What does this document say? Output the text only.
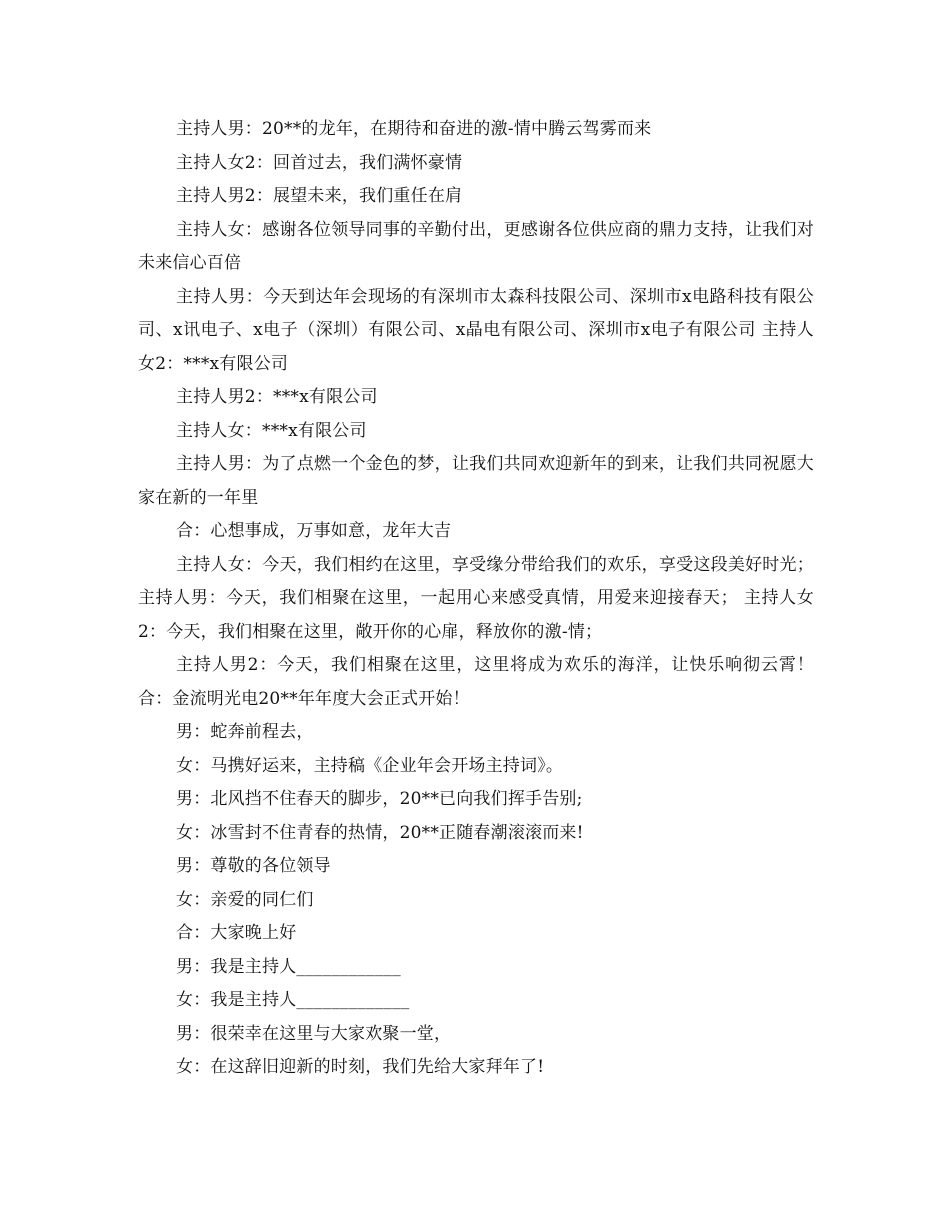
主持人男：20**的龙年，在期待和奋进的激-情中腾云驾雾而来

主持人女2：回首过去，我们满怀豪情

主持人男2：展望未来，我们重任在肩

主持人女：感谢各位领导同事的辛勤付出，更感谢各位供应商的鼎力支持，让我们对未来信心百倍

主持人男：今天到达年会现场的有深圳市太森科技限公司、深圳市x电路科技有限公司、x讯电子、x电子（深圳）有限公司、x晶电有限公司、深圳市x电子有限公司 主持人女2：***x有限公司

主持人男2：***x有限公司

主持人女：***x有限公司

主持人男：为了点燃一个金色的梦，让我们共同欢迎新年的到来，让我们共同祝愿大家在新的一年里

合：心想事成，万事如意，龙年大吉

主持人女：今天，我们相约在这里，享受缘分带给我们的欢乐，享受这段美好时光； 主持人男：今天，我们相聚在这里，一起用心来感受真情，用爱来迎接春天； 主持人女2：今天，我们相聚在这里，敞开你的心扉，释放你的激-情；

主持人男2：今天，我们相聚在这里，这里将成为欢乐的海洋，让快乐响彻云霄！ 合：金流明光电20**年年度大会正式开始！

男：蛇奔前程去，

女：马携好运来，主持稿《企业年会开场主持词》。

男：北风挡不住春天的脚步，20**已向我们挥手告别;

女：冰雪封不住青春的热情，20**正随春潮滚滚而来!

男：尊敬的各位领导

女：亲爱的同仁们

合：大家晚上好

男：我是主持人____________

女：我是主持人_____________

男：很荣幸在这里与大家欢聚一堂，

女：在这辞旧迎新的时刻，我们先给大家拜年了!
